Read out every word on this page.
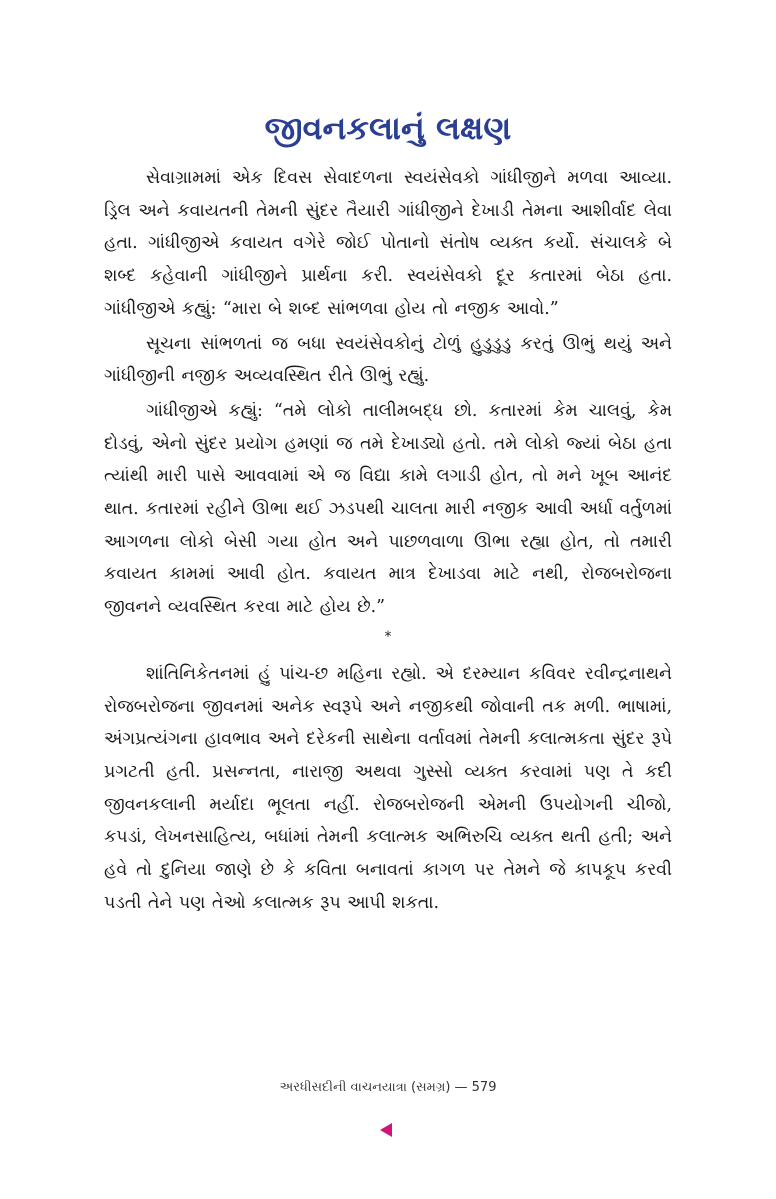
જીવનકલાનું લક્ષણ

સેવાગ્રામમાં એક દિવસ સેવાદળના સ્વયંસેવકો ગાંધીજીને મળવા આવ્યા. ડ્રિલ અને કવાયતની તેમની સુંદર તૈયારી ગાંધીજીને દેખાડી તેમના આશીર્વાદ લેવા હતા. ગાંધીજીએ કવાયત વગેરે જોઈ પોતાનો સંતોષ વ્યક્ત કર્યો. સંચાલકે બે શબ્દ કહેવાની ગાંધીજીને પ્રાર્થના કરી. સ્વયંસેવકો દૂર કતારમાં બેઠા હતા. ગાંધીજીએ કહ્યું: “મારા બે શબ્દ સાંભળવા હોય તો નજીક આવો.”

સૂચના સાંભળતાં જ બધા સ્વયંસેવકોનું ટોળું હુડુડુડુ કરતું ઊભું થયું અને ગાંધીજીની નજીક અવ્યવસ્થિત રીતે ઊભું રહ્યું.

ગાંધીજીએ કહ્યું: “તમે લોકો તાલીમબદ્ધ છો. કતારમાં કેમ ચાલવું, કેમ દોડવું, એનો સુંદર પ્રયોગ હમણાં જ તમે દેખાડ્યો હતો. તમે લોકો જ્યાં બેઠા હતા ત્યાંથી મારી પાસે આવવામાં એ જ વિદ્યા કામે લગાડી હોત, તો મને ખૂબ આનંદ થાત. કતારમાં રહીને ઊભા થઈ ઝડપથી ચાલતા મારી નજીક આવી અર્ધા વર્તુળમાં આગળના લોકો બેસી ગયા હોત અને પાછળવાળા ઊભા રહ્યા હોત, તો તમારી કવાયત કામમાં આવી હોત. કવાયત માત્ર દેખાડવા માટે નથી, રોજબરોજના જીવનને વ્યવસ્થિત કરવા માટે હોય છે.”

*

શાંતિનિકેતનમાં હું પાંચ-છ મહિના રહ્યો. એ દરમ્યાન કવિવર રવીન્દ્રનાથને રોજબરોજના જીવનમાં અનેક સ્વરૂપે અને નજીકથી જોવાની તક મળી. ભાષામાં, અંગપ્રત્યંગના હાવભાવ અને દરેકની સાથેના વર્તાવમાં તેમની કલાત્મકતા સુંદર રૂપે પ્રગટતી હતી. પ્રસન્નતા, નારાજી અથવા ગુસ્સો વ્યક્ત કરવામાં પણ તે કદી જીવનકલાની મર્યાદા ભૂલતા નહીં. રોજબરોજની એમની ઉપયોગની ચીજો, કપડાં, લેખનસાહિત્ય, બધાંમાં તેમની કલાત્મક અભિરુચિ વ્યક્ત થતી હતી; અને હવે તો દુનિયા જાણે છે કે કવિતા બનાવતાં કાગળ પર તેમને જે કાપકૂપ કરવી પડતી તેને પણ તેઓ કલાત્મક રૂપ આપી શકતા.

અરધીસદીની વાચનયાત્રા (સમગ્ર) — 579
